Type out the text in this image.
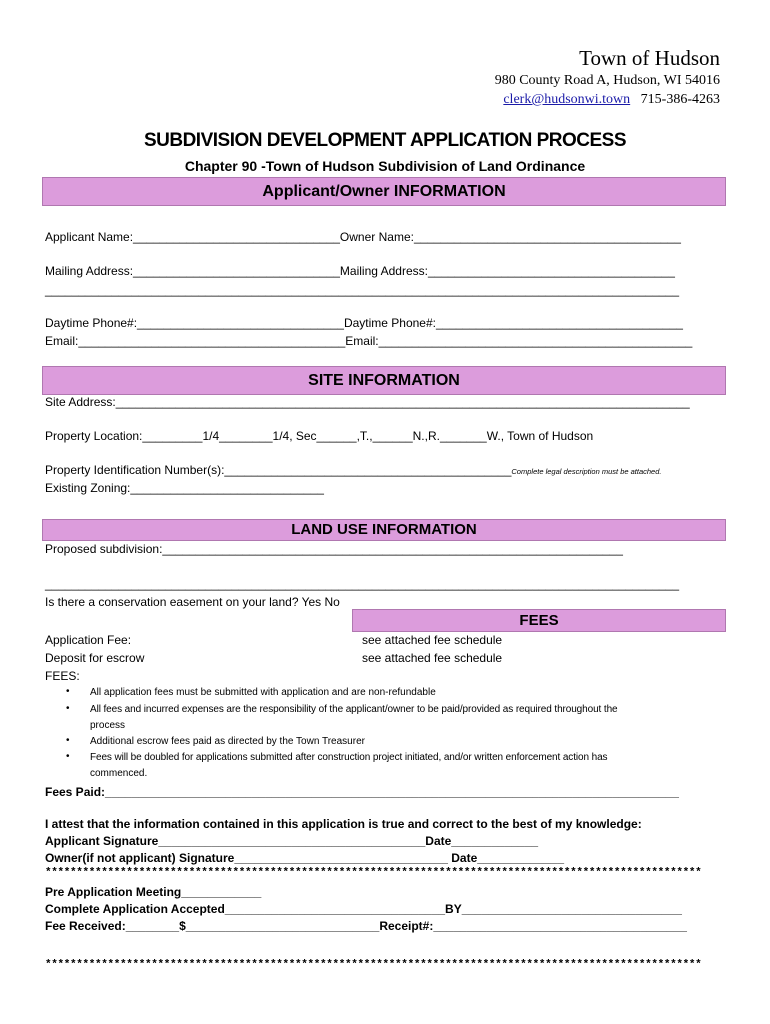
Town of Hudson
980 County Road A, Hudson, WI 54016
clerk@hudsonwi.town 715-386-4263
SUBDIVISION DEVELOPMENT APPLICATION PROCESS
Chapter 90 -Town of Hudson Subdivision of Land Ordinance
Applicant/Owner INFORMATION
Applicant Name:_______________________________Owner Name:________________________________________
Mailing Address:_______________________________Mailing Address:_____________________________________
_______________________________________________________________________________________________
Daytime Phone#:_______________________________Daytime Phone#:_____________________________________
Email:________________________________________Email:_______________________________________________
SITE INFORMATION
Site Address:______________________________________________________________________________________
Property Location:_________1/4________1/4, Sec______,T.,______N.,R._______W., Town of Hudson
Property Identification Number(s):___________________________________________Complete legal description must be attached.
Existing Zoning:_____________________________
LAND USE INFORMATION
Proposed subdivision:_____________________________________________________________________
_______________________________________________________________________________________________
Is there a conservation easement on your land? Yes No
FEES
Application Fee:	see attached fee schedule
Deposit for escrow	see attached fee schedule
FEES:
• All application fees must be submitted with application and are non-refundable
• All fees and incurred expenses are the responsibility of the applicant/owner to be paid/provided as required throughout the
process
• Additional escrow fees paid as directed by the Town Treasurer
• Fees will be doubled for applications submitted after construction project initiated, and/or written enforcement action has
commenced.
Fees Paid:______________________________________________________________________________________
I attest that the information contained in this application is true and correct to the best of my knowledge:
Applicant Signature________________________________________Date_____________
Owner(if not applicant) Signature________________________________ Date_____________
*********************************************************************************************************
Pre Application Meeting____________
Complete Application Accepted_________________________________BY_________________________________
Fee Received:________$_____________________________Receipt#:______________________________________
*********************************************************************************************************
